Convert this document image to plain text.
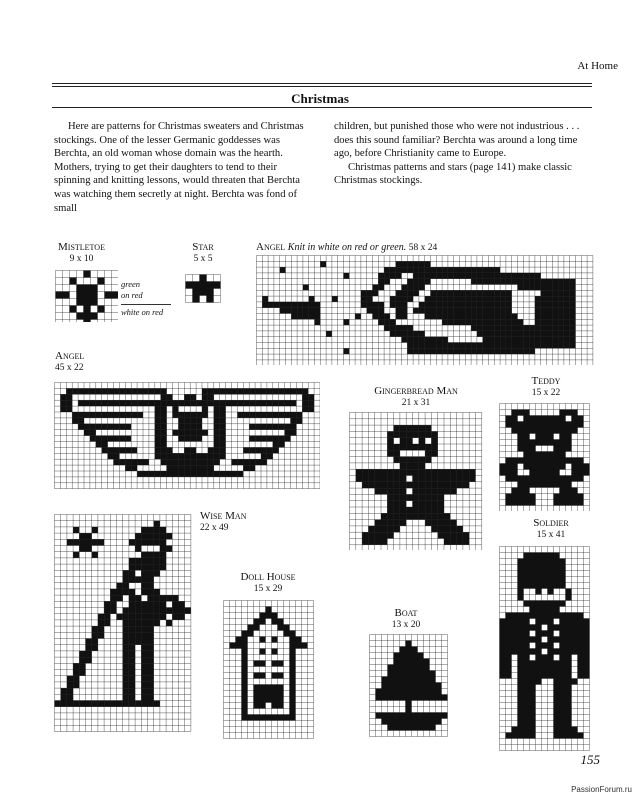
At Home
Christmas

Here are patterns for Christmas sweaters and Christmas stockings. One of the lesser Germanic goddesses was Berchta, an old woman whose domain was the hearth. Mothers, trying to get their daughters to tend to their spinning and knitting lessons, would threaten that Berchta was watching them secretly at night. Berchta was fond of small

children, but punished those who were not industrious . . . does this sound familiar? Berchta was around a long time ago, before Christianity came to Europe.

Christmas patterns and stars (page 141) make classic Christmas stockings.

Mistletoe
9 x 10
green
on red
white on red
Star
5 x 5
Angel Knit in white on red or green. 58 x 24
Angel
45 x 22
Gingerbread Man
21 x 31
Teddy
15 x 22
Wise Man
22 x 49	Soldier
15 x 41
Doll House
15 x 29
Boat
13 x 20
155
PassionForum.ru
